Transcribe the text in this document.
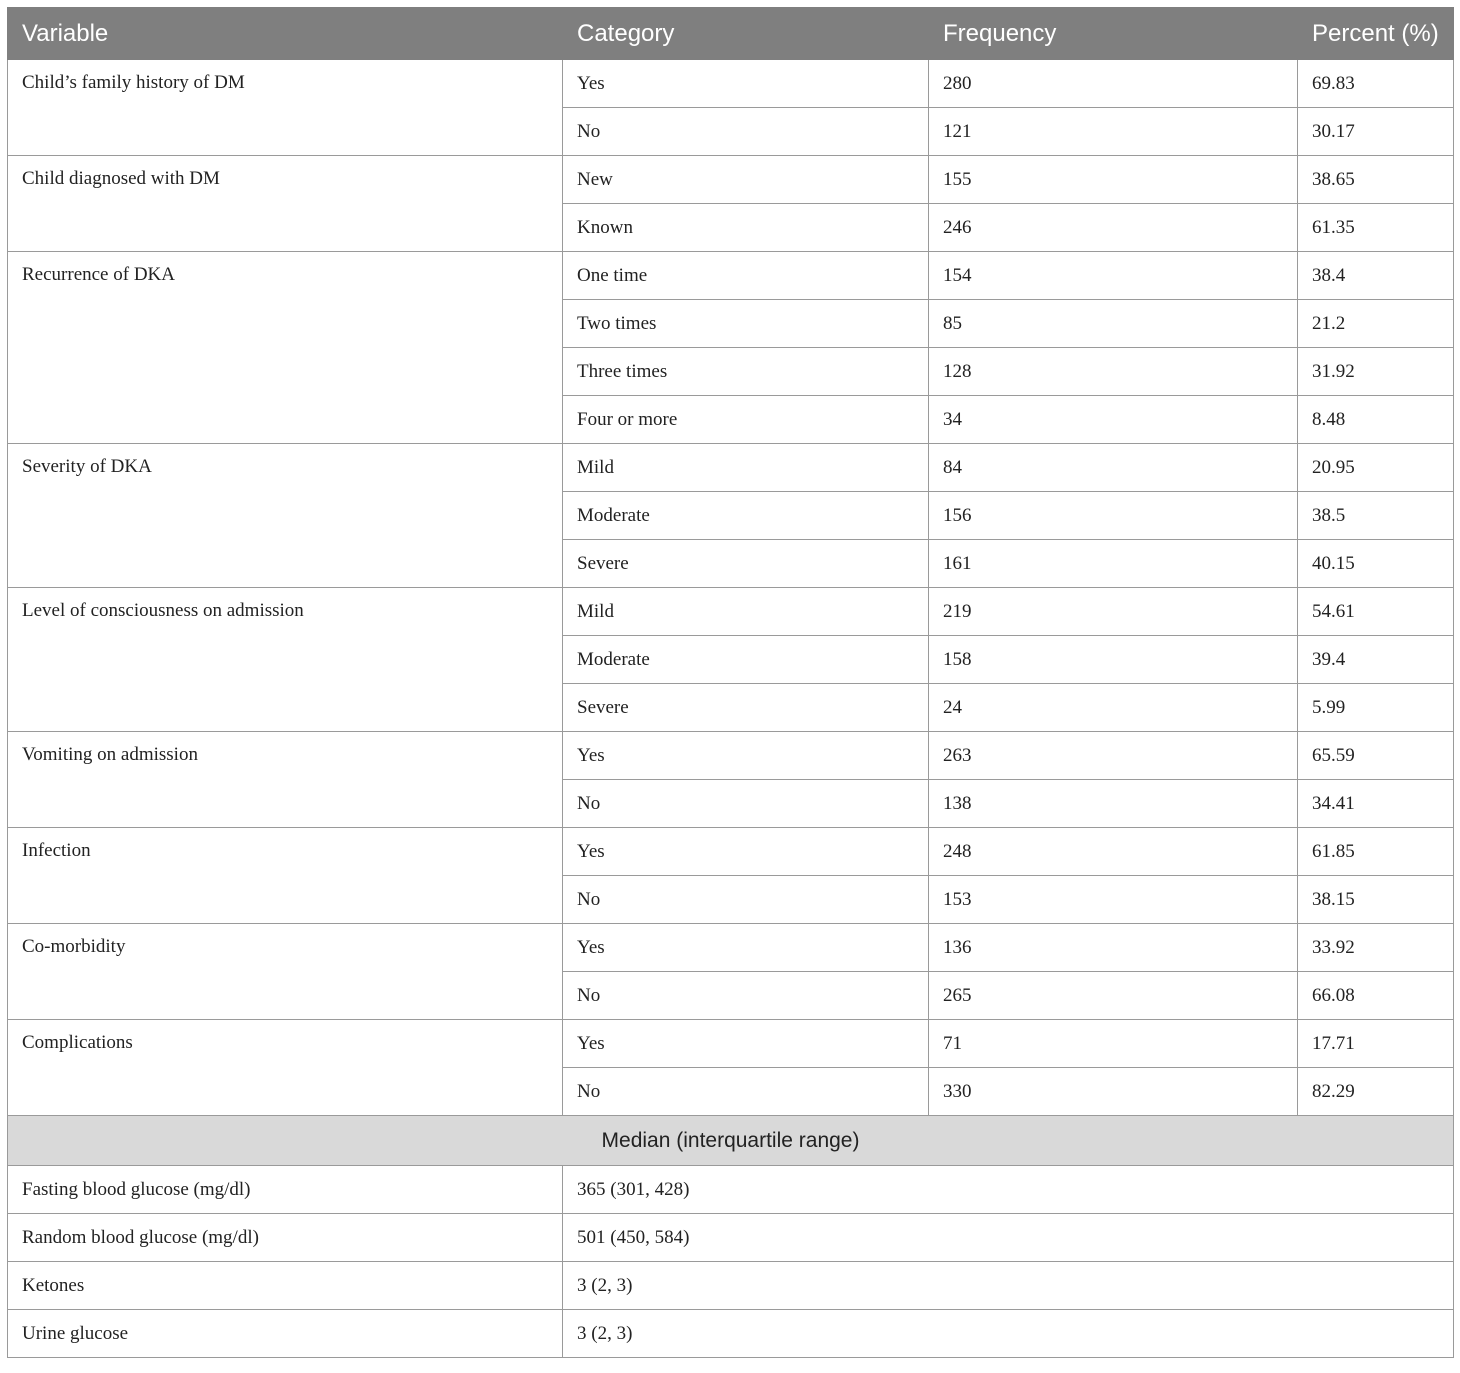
Variable	Category	Frequency	Percent (%)
Child’s family history of DM	Yes	280	69.83
	No	121	30.17
Child diagnosed with DM	New	155	38.65
	Known	246	61.35
Recurrence of DKA	One time	154	38.4
	Two times	85	21.2
	Three times	128	31.92
	Four or more	34	8.48
Severity of DKA	Mild	84	20.95
	Moderate	156	38.5
	Severe	161	40.15
Level of consciousness on admission	Mild	219	54.61
	Moderate	158	39.4
	Severe	24	5.99
Vomiting on admission	Yes	263	65.59
	No	138	34.41
Infection	Yes	248	61.85
	No	153	38.15
Co-morbidity	Yes	136	33.92
	No	265	66.08
Complications	Yes	71	17.71
	No	330	82.29
Median (interquartile range)			
Fasting blood glucose (mg/dl)	365 (301, 428)		
Random blood glucose (mg/dl)	501 (450, 584)		
Ketones	3 (2, 3)		
Urine glucose	3 (2, 3)		
